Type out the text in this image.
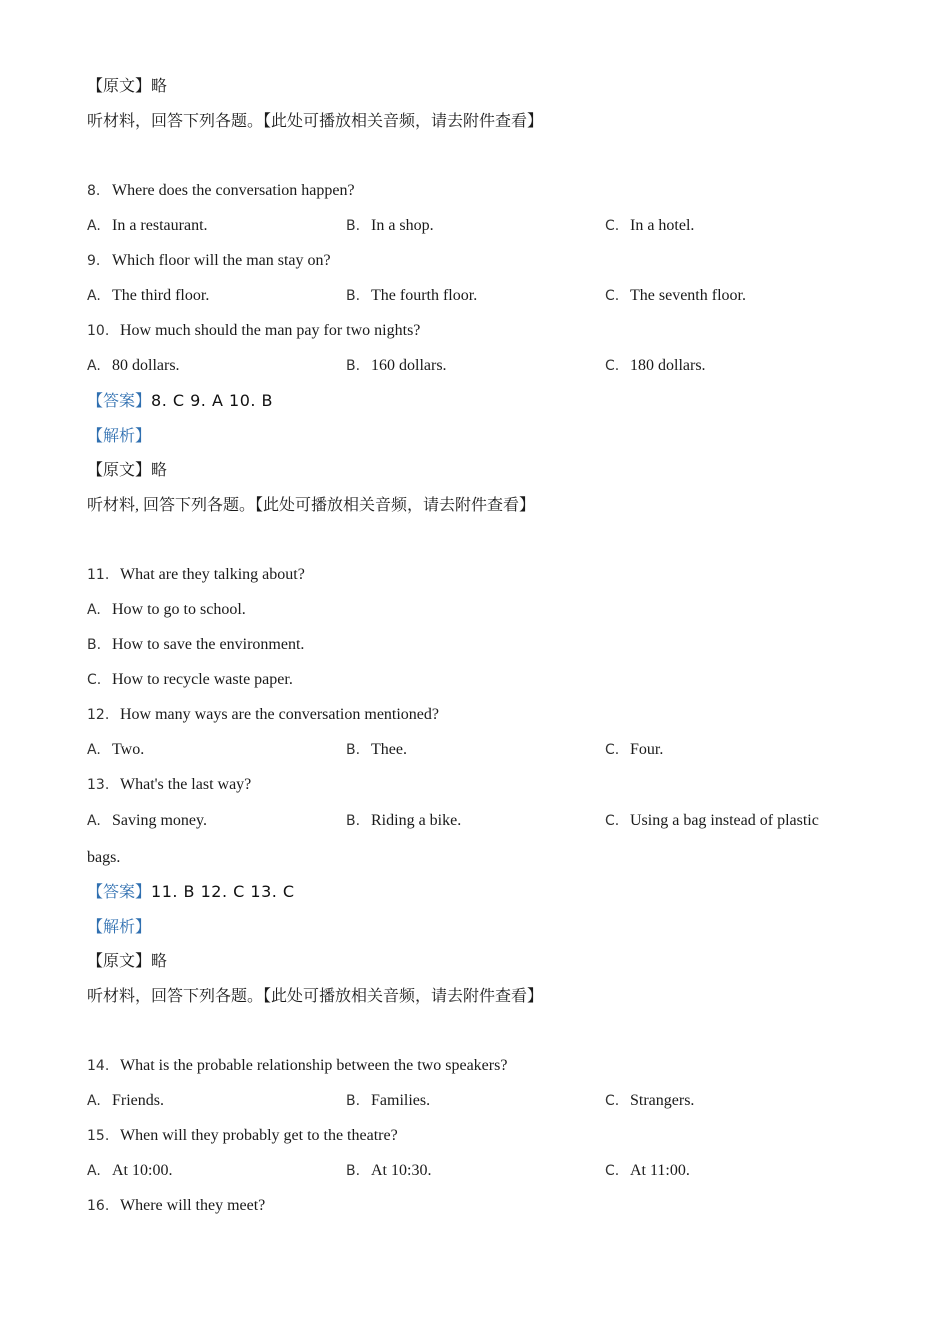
【原文】略
听材料，回答下列各题。【此处可播放相关音频，请去附件查看】
8. Where does the conversation happen?
A. In a restaurant.	B. In a shop.	C. In a hotel.
9. Which floor will the man stay on?
A. The third floor.	B. The fourth floor.	C. The seventh floor.
10. How much should the man pay for two nights?
A. 80 dollars.	B. 160 dollars.	C. 180 dollars.
【答案】8. C 9. A 10. B
【解析】
【原文】略
听材料, 回答下列各题。【此处可播放相关音频，请去附件查看】
11. What are they talking about?
A. How to go to school.
B. How to save the environment.
C. How to recycle waste paper.
12. How many ways are the conversation mentioned?
A. Two.	B. Thee.	C. Four.
13. What's the last way?
A. Saving money.	B. Riding a bike.	C. Using a bag instead of plastic
bags.
【答案】11. B 12. C 13. C
【解析】
【原文】略
听材料，回答下列各题。【此处可播放相关音频，请去附件查看】
14. What is the probable relationship between the two speakers?
A. Friends.	B. Families.	C. Strangers.
15. When will they probably get to the theatre?
A. At 10:00.	B. At 10:30.	C. At 11:00.
16. Where will they meet?
